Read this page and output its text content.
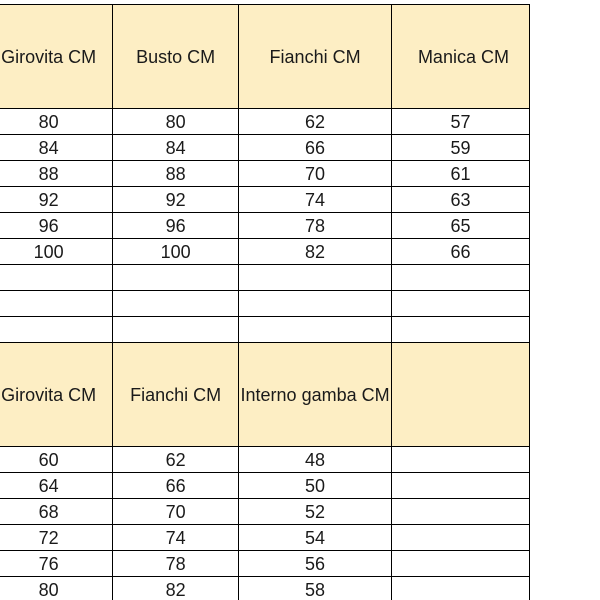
	Girovita CM	Busto CM	Fianchi CM	Manica CM
	80	80	62	57
	84	84	66	59
	88	88	70	61
	92	92	74	63
	96	96	78	65
	100	100	82	66

	Girovita CM	Fianchi CM	Interno gamba CM	
	60	62	48	
	64	66	50	
	68	70	52	
	72	74	54	
	76	78	56	
	80	82	58	
